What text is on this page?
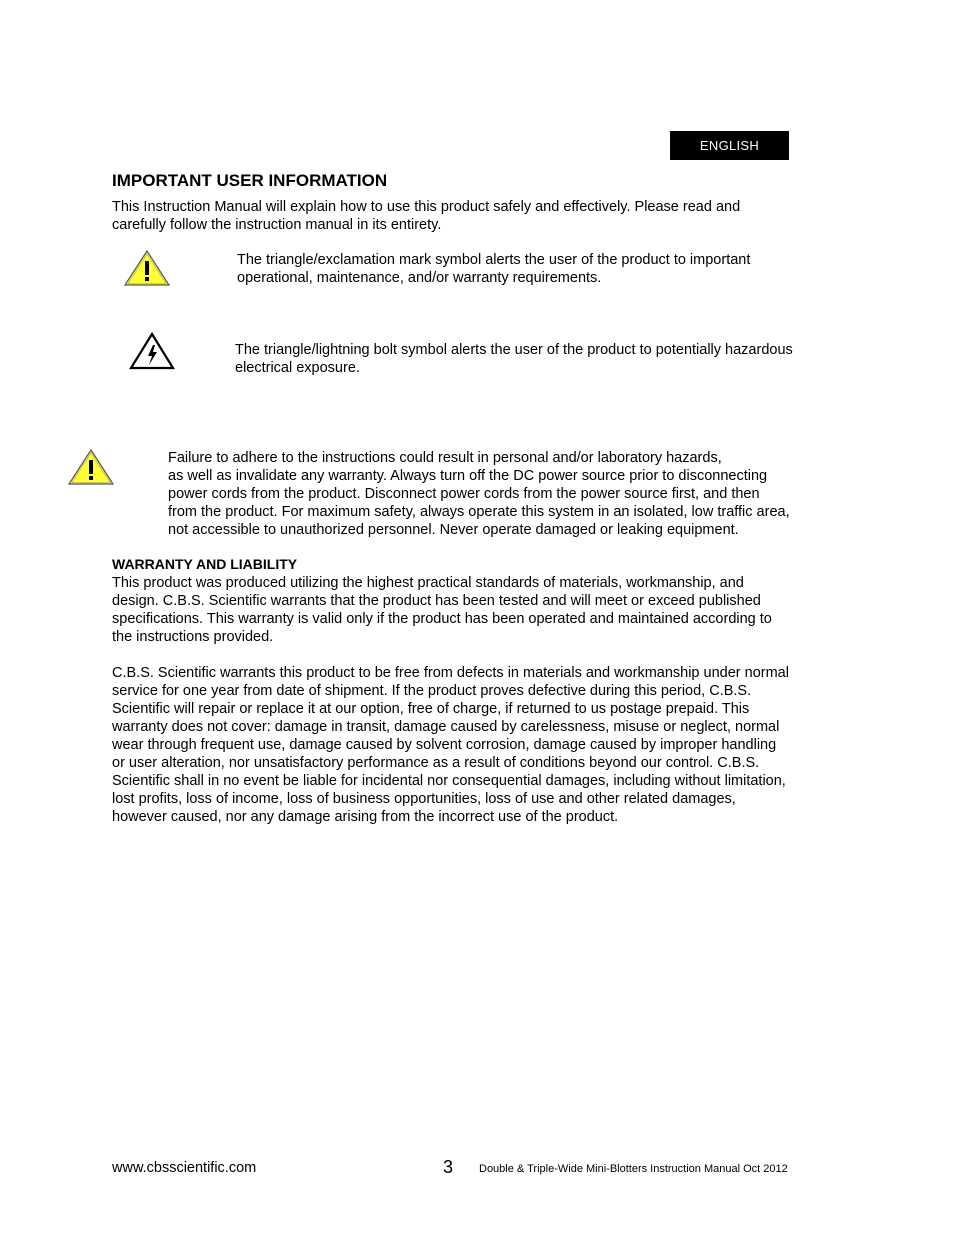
ENGLISH
IMPORTANT USER INFORMATION
This Instruction Manual will explain how to use this product safely and effectively. Please read and
carefully follow the instruction manual in its entirety.
The triangle/exclamation mark symbol alerts the user of the product to important
operational, maintenance, and/or warranty requirements.
The triangle/lightning bolt symbol alerts the user of the product to potentially hazardous
electrical exposure.
Failure to adhere to the instructions could result in personal and/or laboratory hazards,
as well as invalidate any warranty. Always turn off the DC power source prior to disconnecting
power cords from the product. Disconnect power cords from the power source first, and then
from the product. For maximum safety, always operate this system in an isolated, low traffic area,
not accessible to unauthorized personnel. Never operate damaged or leaking equipment.
WARRANTY AND LIABILITY
This product was produced utilizing the highest practical standards of materials, workmanship, and
design. C.B.S. Scientific warrants that the product has been tested and will meet or exceed published
specifications. This warranty is valid only if the product has been operated and maintained according to
the instructions provided.
C.B.S. Scientific warrants this product to be free from defects in materials and workmanship under normal
service for one year from date of shipment. If the product proves defective during this period, C.B.S.
Scientific will repair or replace it at our option, free of charge, if returned to us postage prepaid. This
warranty does not cover: damage in transit, damage caused by carelessness, misuse or neglect, normal
wear through frequent use, damage caused by solvent corrosion, damage caused by improper handling
or user alteration, nor unsatisfactory performance as a result of conditions beyond our control. C.B.S.
Scientific shall in no event be liable for incidental nor consequential damages, including without limitation,
lost profits, loss of income, loss of business opportunities, loss of use and other related damages,
however caused, nor any damage arising from the incorrect use of the product.
www.cbsscientific.com	3 Double & Triple-Wide Mini-Blotters Instruction Manual Oct 2012
